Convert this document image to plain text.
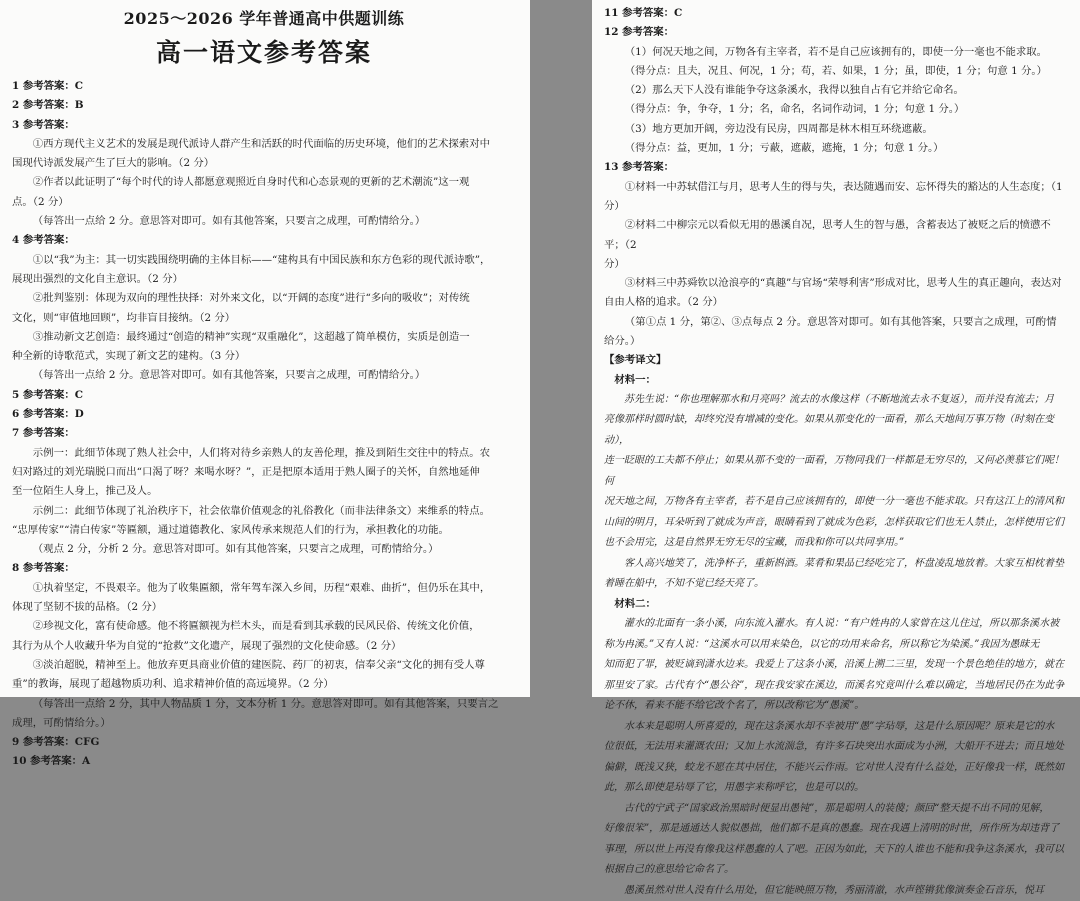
2025～2026 学年普通高中供题训练
高一语文参考答案

1 参考答案：C

2 参考答案：B

3 参考答案：

①西方现代主义艺术的发展是现代派诗人群产生和活跃的时代面临的历史环境，他们的艺术探索对中

国现代诗派发展产生了巨大的影响。（2 分）

②作者以此证明了“每个时代的诗人都愿意观照近自身时代和心态景观的更新的艺术潮流”这一观

点。（2 分）

（每答出一点给 2 分。意思答对即可。如有其他答案，只要言之成理，可酌情给分。）

4 参考答案：

①以“我”为主：其一切实践围绕明确的主体目标——“建构具有中国民族和东方色彩的现代派诗歌”，

展现出强烈的文化自主意识。（2 分）

②批判鉴别：体现为双向的理性抉择：对外来文化，以“开阔的态度”进行“多向的吸收”；对传统

文化，则“审值地回顾”，均非盲目接纳。（2 分）

③推动新文艺创造：最终通过“创造的精神”实现“双重融化”，这超越了简单模仿，实质是创造一

种全新的诗歌范式，实现了新文艺的建构。（3 分）

（每答出一点给 2 分。意思答对即可。如有其他答案，只要言之成理，可酌情给分。）

5 参考答案：C

6 参考答案：D

7 参考答案：

示例一：此细节体现了熟人社会中，人们将对待乡亲熟人的友善伦理，推及到陌生交往中的特点。农

妇对路过的刘光瑞脱口而出“口渴了呀？来喝水呀？”，正是把原本适用于熟人圈子的关怀，自然地延伸

至一位陌生人身上，推己及人。

示例二：此细节体现了礼治秩序下，社会依靠价值观念的礼俗教化（而非法律条文）来维系的特点。

“忠厚传家”“清白传家”等匾额，通过道德教化、家风传承来规范人们的行为，承担教化的功能。

（观点 2 分，分析 2 分。意思答对即可。如有其他答案，只要言之成理，可酌情给分。）

8 参考答案：

①执着坚定，不畏艰辛。他为了收集匾额，常年驾车深入乡间，历程“艰难、曲折”，但仍乐在其中，

体现了坚韧不拔的品格。（2 分）

②珍视文化，富有使命感。他不将匾额视为栏木头，而是看到其承载的民风民俗、传统文化价值，

其行为从个人收藏升华为自觉的“抢救”文化遗产，展现了强烈的文化使命感。（2 分）

③淡泊超脱，精神至上。他放弃更具商业价值的建医院、药厂的初衷，信奉父亲“文化的拥有受人尊

重”的教诲，展现了超越物质功利、追求精神价值的高远境界。（2 分）

（每答出一点给 2 分，其中人物品质 1 分，文本分析 1 分。意思答对即可。如有其他答案，只要言之

成理，可酌情给分。）

9 参考答案：CFG

10 参考答案：A

11 参考答案：C

12 参考答案：

（1）何况天地之间，万物各有主宰者，若不是自己应该拥有的，即使一分一毫也不能求取。

（得分点：且夫，况且、何况，1 分；苟，若、如果，1 分；虽，即使，1 分；句意 1 分。）

（2）那么天下人没有谁能争夺这条溪水，我得以独自占有它并给它命名。

（得分点：争，争夺，1 分；名，命名，名词作动词，1 分；句意 1 分。）

（3）地方更加开阔，旁边没有民房，四周都是林木相互环绕遮蔽。

（得分点：益，更加，1 分；亏蔽，遮蔽，遮掩，1 分；句意 1 分。）

13 参考答案：

①材料一中苏轼借江与月，思考人生的得与失，表达随遇而安、忘怀得失的豁达的人生态度；（1 分）

②材料二中柳宗元以看似无用的愚溪自况，思考人生的智与愚，含蓄表达了被贬之后的愤懑不平；（2

分）

③材料三中苏舜钦以沧浪亭的“真趣”与官场“荣辱利害”形成对比，思考人生的真正趣向，表达对

自由人格的追求。（2 分）

（第①点 1 分，第②、③点每点 2 分。意思答对即可。如有其他答案，只要言之成理，可酌情给分。）

【参考译文】

材料一：

苏先生说：“你也理解那水和月亮吗？流去的水像这样（不断地流去永不复返），而并没有流去；月

亮像那样时圆时缺，却终究没有增减的变化。如果从那变化的一面看，那么天地间万事万物（时刻在变动），

连一眨眼的工夫都不停止；如果从那不变的一面看，万物同我们一样都是无穷尽的，又何必羡慕它们呢！何

况天地之间，万物各有主宰者，若不是自己应该拥有的，即使一分一毫也不能求取。只有这江上的清风和

山间的明月，耳朵听到了就成为声音，眼睛看到了就成为色彩，怎样获取它们也无人禁止，怎样使用它们

也不会用完，这是自然界无穷无尽的宝藏，而我和你可以共同享用。”

客人高兴地笑了，洗净杯子，重新斟酒。菜肴和果品已经吃完了，杯盘凌乱地放着。大家互相枕着垫

着睡在船中，不知不觉已经天亮了。

材料二：

灌水的北面有一条小溪，向东流入灌水。有人说：“有户姓冉的人家曾在这儿住过，所以那条溪水被

称为冉溪。”又有人说：“这溪水可以用来染色，以它的功用来命名，所以称它为染溪。”我因为愚昧无

知而犯了罪，被贬谪到潇水边来。我爱上了这条小溪，沿溪上溯二三里，发现一个景色绝佳的地方，就在

那里安了家。古代有个“愚公谷”，现在我安家在溪边，而溪名究竟叫什么难以确定，当地居民仍在为此争

论不休，看来不能不给它改个名了，所以改称它为“愚溪”。

水本来是聪明人所喜爱的，现在这条溪水却不幸被用“愚”字玷辱，这是什么原因呢？原来是它的水

位很低，无法用来灌溉农田；又加上水流湍急，有许多石块突出水面成为小洲，大船开不进去；而且地处

偏僻，既浅又狭，蛟龙不愿在其中居住，不能兴云作雨。它对世人没有什么益处，正好像我一样，既然如

此，那么即使是玷辱了它，用愚字来称呼它，也是可以的。

古代的宁武子“国家政治黑暗时便显出愚钝”，那是聪明人的装傻；颜回“整天提不出不同的见解，

好像很笨”，那是通通达人貌似愚拙，他们都不是真的愚蠢。现在我遇上清明的时世，所作所为却违背了

事理，所以世上再没有像我这样愚蠢的人了吧。正因为如此，天下的人谁也不能和我争这条溪水，我可以

根据自己的意思给它命名了。

愚溪虽然对世人没有什么用处，但它能映照万物，秀丽清澈，水声铿锵犹像演奏金石音乐，悦耳
